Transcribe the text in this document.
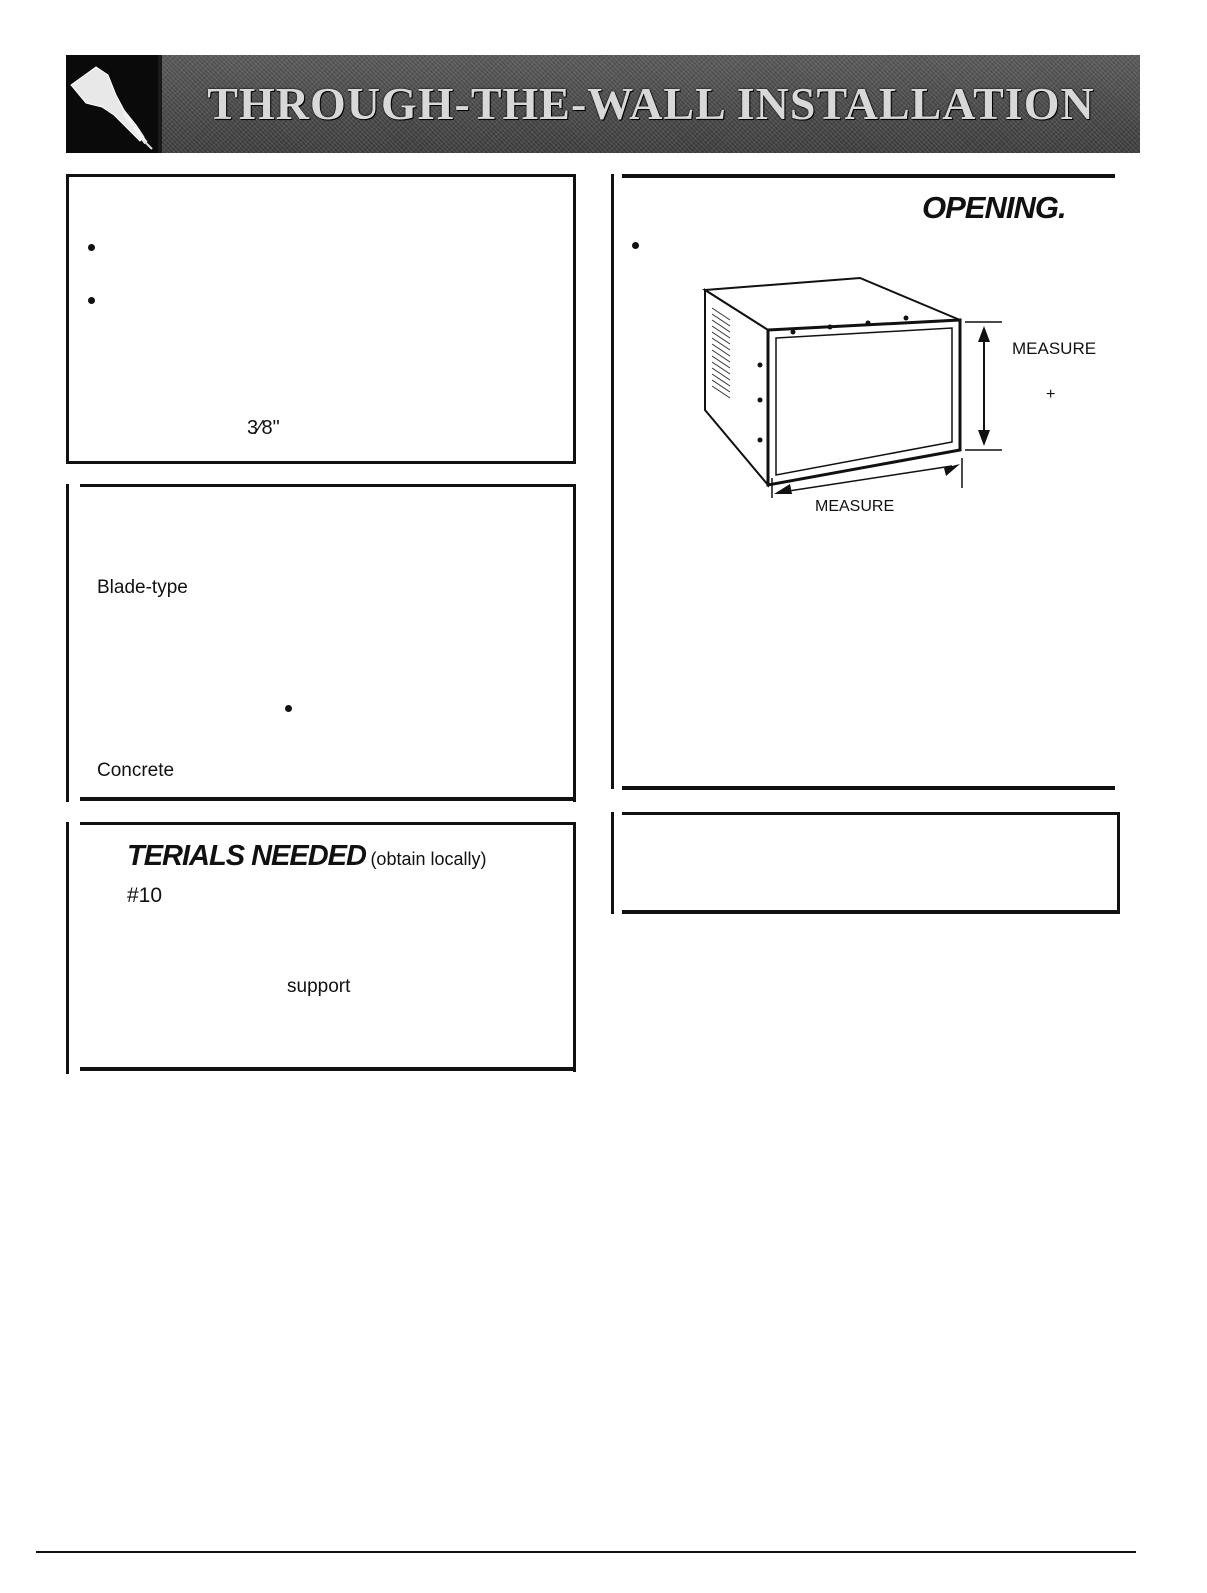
THROUGH-THE-WALL INSTALLATION
3⁄8"
Blade-type
Concrete
TERIALS NEEDED (obtain locally)
#10
support
OPENING.
MEASURE
+
MEASURE
